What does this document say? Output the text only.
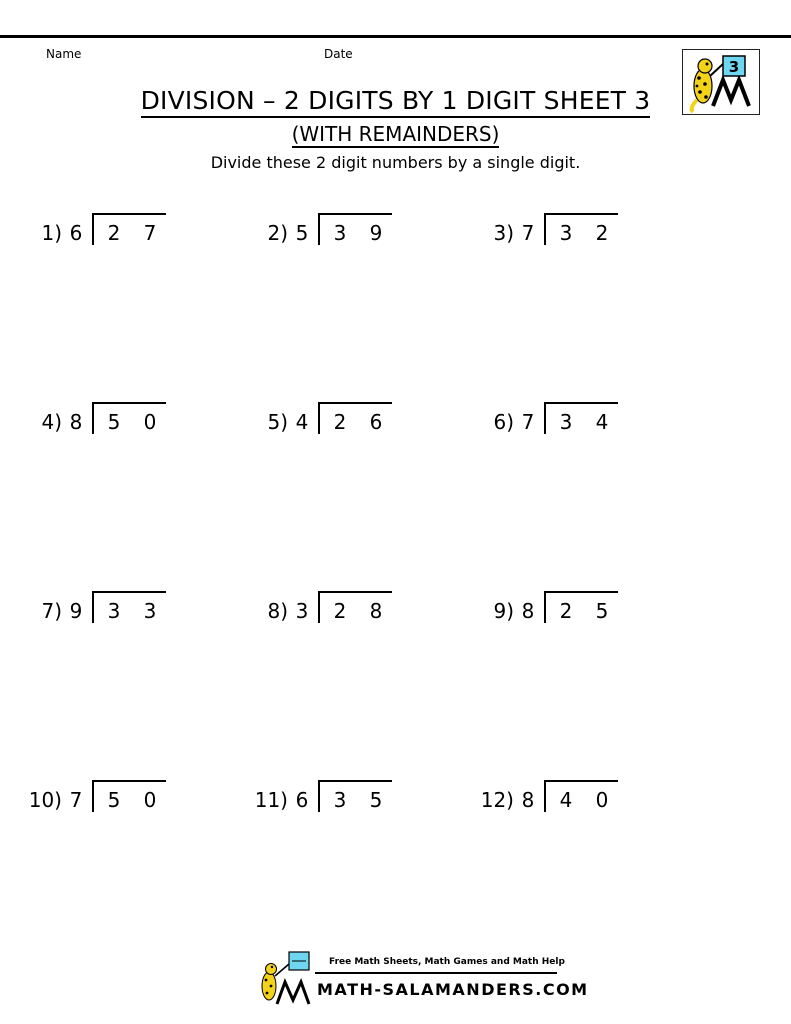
Name	Date
3
DIVISION – 2 DIGITS BY 1 DIGIT SHEET 3
(WITH REMAINDERS)
Divide these 2 digit numbers by a single digit.
1) 6 2 7	2) 5 3 9	3) 7 3 2
4) 8 5 0	5) 4 2 6	6) 7 3 4
7) 9 3 3	8) 3 2 8	9) 8 2 5
10) 7 5 0	11) 6 3 5	12) 8 4 0
Free Math Sheets, Math Games and Math Help
MATH-SALAMANDERS.COM
